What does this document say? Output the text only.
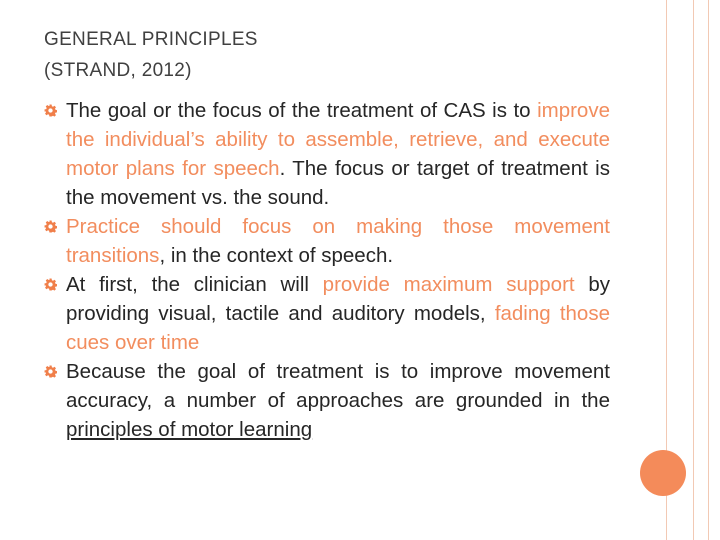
GENERAL PRINCIPLES
(STRAND, 2012)
The goal or the focus of the treatment of CAS is to improve the individual’s ability to assemble, retrieve, and execute motor plans for speech. The focus or target of treatment is the movement vs. the sound.
Practice should focus on making those movement transitions, in the context of speech.
At first, the clinician will provide maximum support by providing visual, tactile and auditory models, fading those cues over time
Because the goal of treatment is to improve movement accuracy, a number of approaches are grounded in the principles of motor learning
